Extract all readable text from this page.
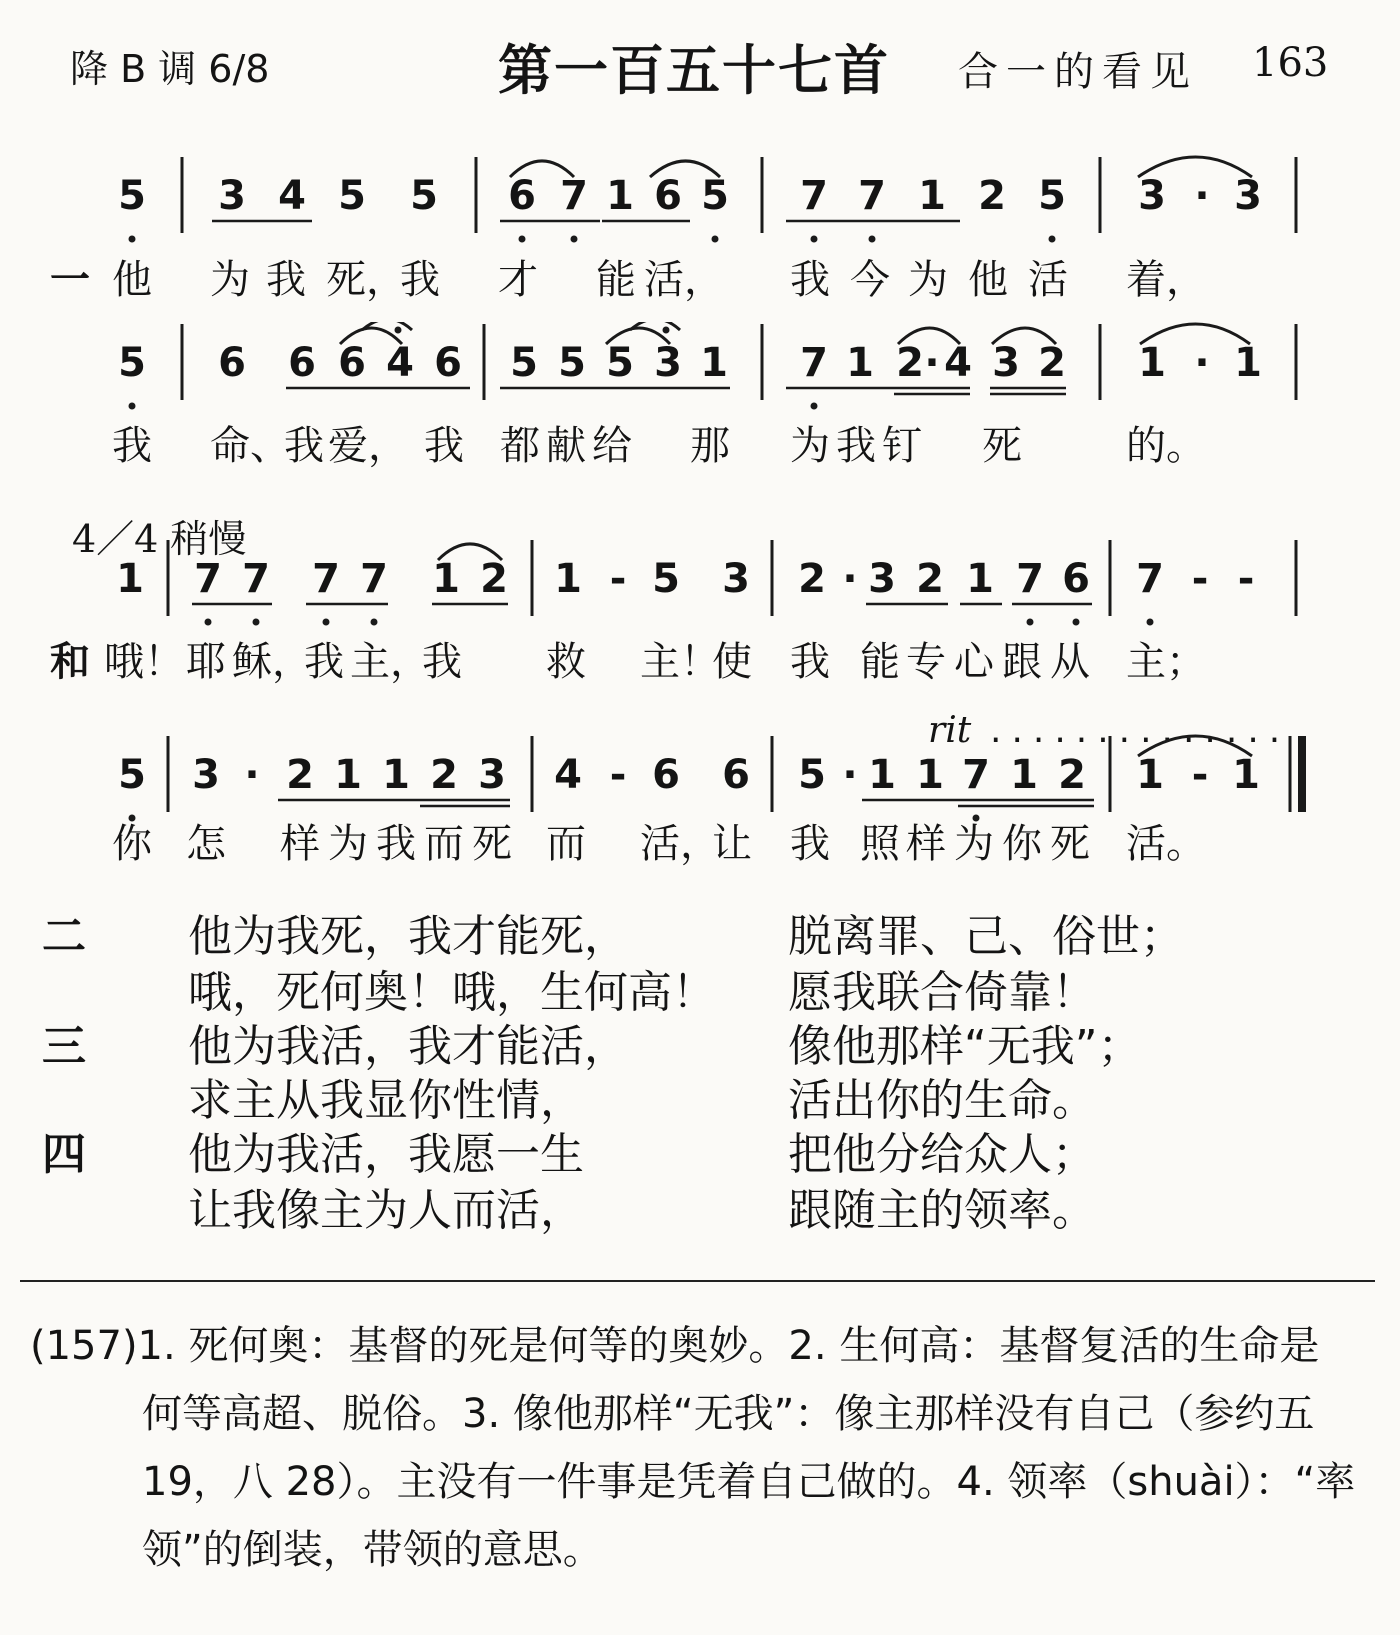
降 B 调 6/8	第一百五十七首 合一的看见 163
5 3 4 5 5 6 7 1 6 5 7 7 1 2 5 3 · 3
一 他 为 我 死，
我 才 能 活， 我 今 为 他 活 着，
5 6 6 6 4 6 5 5 5 3 1 7 1 2 · 4 3 2 1 · 1
我 命、
我 爱， 我 都 献 给 那 为 我 钉 死	的。
4／4 稍慢
1 7 7 7 7 1 2 1 - 5 3 2 · 3 2 1 7 6 7 - -
和 哦！ 耶 稣，
我 主，
我 救 主！
使 我 能 专 心 跟 从 主；
rit ..............
5 3 · 2 1 1 2 3 4 - 6 6 5 · 1 1 7 1 2 1 - 1
你 怎 样 为 我 而 死 而 活，
让 我 照 样 为 你 死 活。
二 他为我死，我才能死，	脱离罪、己、俗世；
哦，死何奥！哦，生何高！ 愿我联合倚靠！
三 他为我活，我才能活，	像他那样“无我”；
求主从我显你性情，	活出你的生命。
四 他为我活，我愿一生	把他分给众人；
让我像主为人而活，	跟随主的领率。
(157)1. 死何奥：基督的死是何等的奥妙。2. 生何高：基督复活的生命是
何等高超、脱俗。3. 像他那样“无我”：像主那样没有自己（参约五
19，八 28）。主没有一件事是凭着自己做的。4. 领率（shuài）：“率
领”的倒装，带领的意思。
